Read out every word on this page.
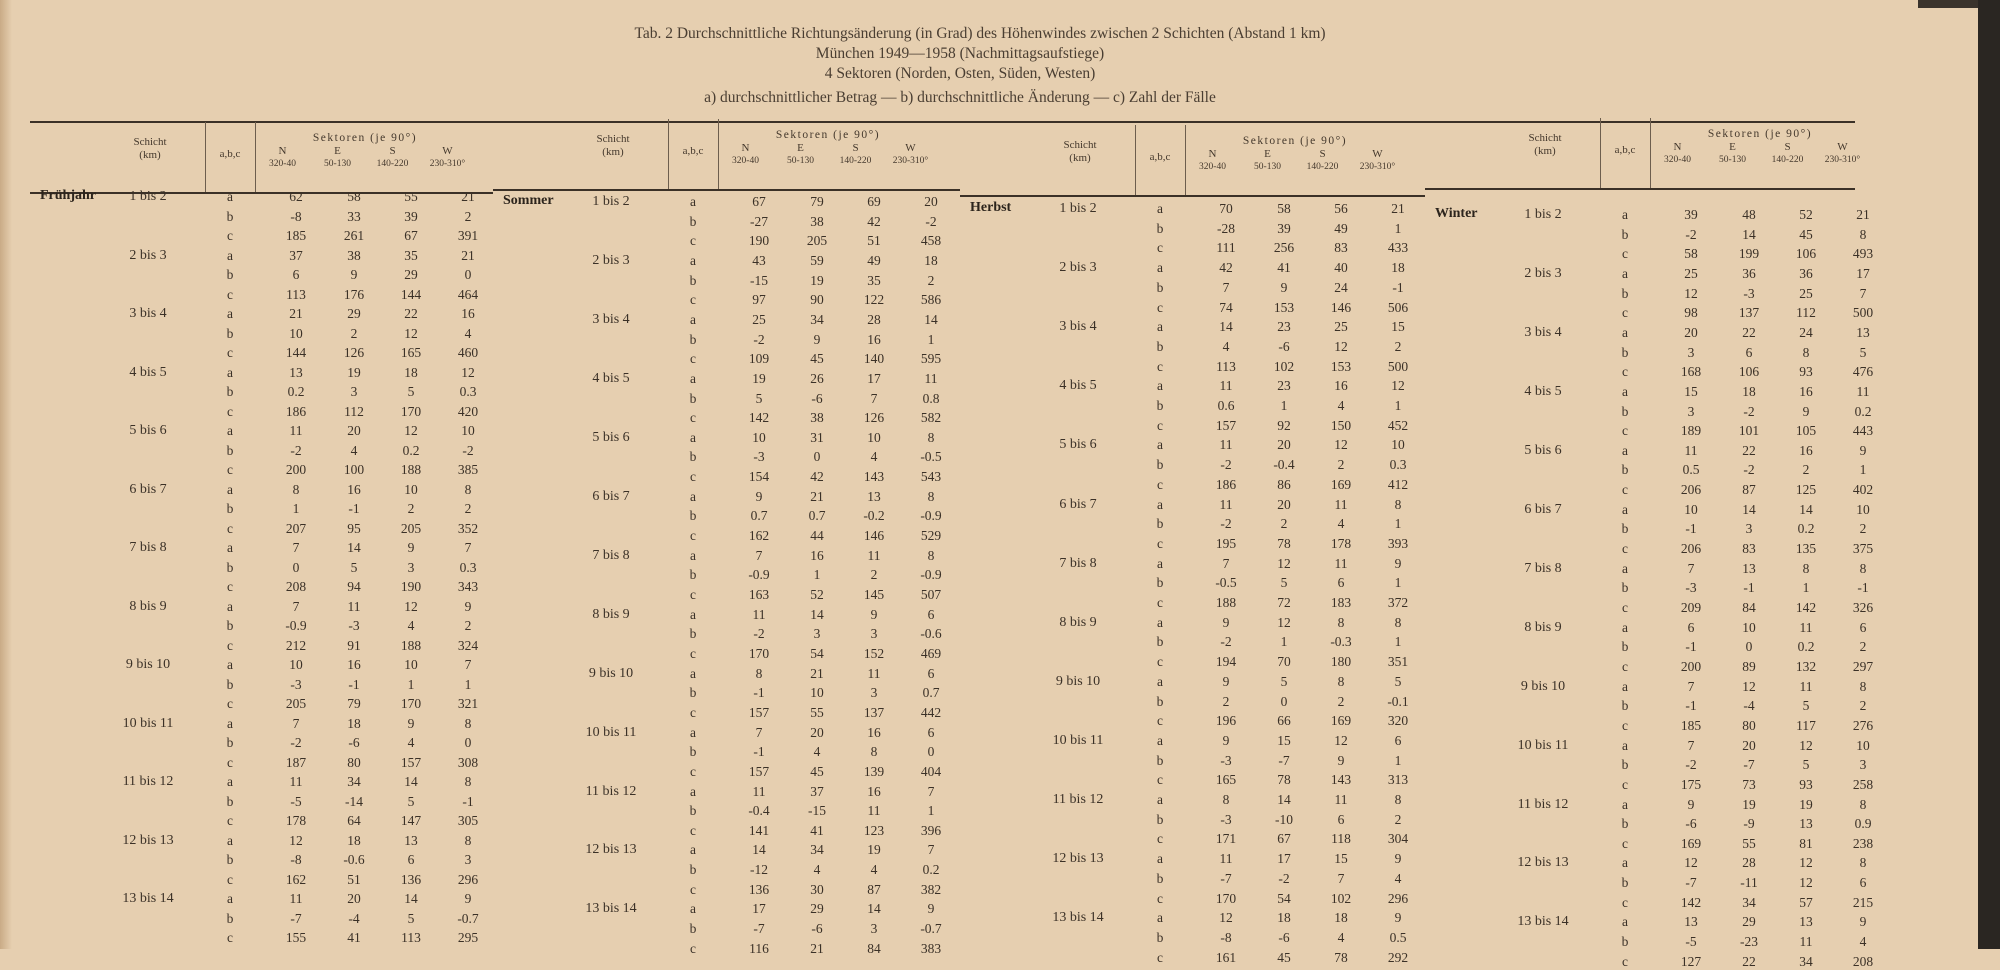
Tab. 2 Durchschnittliche Richtungsänderung (in Grad) des Höhenwindes zwischen 2 Schichten (Abstand 1 km)
München 1949—1958 (Nachmittagsaufstiege)
4 Sektoren (Norden, Osten, Süden, Westen)
a) durchschnittlicher Betrag — b) durchschnittliche Änderung — c) Zahl der Fälle
Schicht
(km)	a,b,c
Sektoren (je 90°)
N	E	S	W
320-40	50-130	140-220	230-310°
Frühjahr	1 bis 2	a	62	58	55	21
b	-8	33	39	2
c	185	261	67	391
2 bis 3	a	37	38	35	21
b	6	9	29	0
c	113	176	144	464
3 bis 4	a	21	29	22	16
b	10	2	12	4
c	144	126	165	460
4 bis 5	a	13	19	18	12
b	0.2	3	5	0.3
c	186	112	170	420
5 bis 6	a	11	20	12	10
b	-2	4	0.2	-2
c	200	100	188	385
6 bis 7	a	8	16	10	8
b	1	-1	2	2
c	207	95	205	352
7 bis 8	a	7	14	9	7
b	0	5	3	0.3
c	208	94	190	343
8 bis 9	a	7	11	12	9
b	-0.9	-3	4	2
c	212	91	188	324
9 bis 10	a	10	16	10	7
b	-3	-1	1	1
c	205	79	170	321
10 bis 11	a	7	18	9	8
b	-2	-6	4	0
c	187	80	157	308
11 bis 12	a	11	34	14	8
b	-5	-14	5	-1
c	178	64	147	305
12 bis 13	a	12	18	13	8
b	-8	-0.6	6	3
c	162	51	136	296
13 bis 14	a	11	20	14	9
b	-7	-4	5	-0.7
c	155	41	113	295
Schicht
(km)	a,b,c
Sektoren (je 90°)
N	E	S	W
320-40	50-130	140-220	230-310°
Sommer	1 bis 2	a	67	79	69	20
b	-27	38	42	-2
c	190	205	51	458
2 bis 3	a	43	59	49	18
b	-15	19	35	2
c	97	90	122	586
3 bis 4	a	25	34	28	14
b	-2	9	16	1
c	109	45	140	595
4 bis 5	a	19	26	17	11
b	5	-6	7	0.8
c	142	38	126	582
5 bis 6	a	10	31	10	8
b	-3	0	4	-0.5
c	154	42	143	543
6 bis 7	a	9	21	13	8
b	0.7	0.7	-0.2	-0.9
c	162	44	146	529
7 bis 8	a	7	16	11	8
b	-0.9	1	2	-0.9
c	163	52	145	507
8 bis 9	a	11	14	9	6
b	-2	3	3	-0.6
c	170	54	152	469
9 bis 10	a	8	21	11	6
b	-1	10	3	0.7
c	157	55	137	442
10 bis 11	a	7	20	16	6
b	-1	4	8	0
c	157	45	139	404
11 bis 12	a	11	37	16	7
b	-0.4	-15	11	1
c	141	41	123	396
12 bis 13	a	14	34	19	7
b	-12	4	4	0.2
c	136	30	87	382
13 bis 14	a	17	29	14	9
b	-7	-6	3	-0.7
c	116	21	84	383
Schicht
(km)	a,b,c
Sektoren (je 90°)
N	E	S	W
320-40	50-130	140-220	230-310°
Herbst	1 bis 2	a	70	58	56	21
b	-28	39	49	1
c	111	256	83	433
2 bis 3	a	42	41	40	18
b	7	9	24	-1
c	74	153	146	506
3 bis 4	a	14	23	25	15
b	4	-6	12	2
c	113	102	153	500
4 bis 5	a	11	23	16	12
b	0.6	1	4	1
c	157	92	150	452
5 bis 6	a	11	20	12	10
b	-2	-0.4	2	0.3
c	186	86	169	412
6 bis 7	a	11	20	11	8
b	-2	2	4	1
c	195	78	178	393
7 bis 8	a	7	12	11	9
b	-0.5	5	6	1
c	188	72	183	372
8 bis 9	a	9	12	8	8
b	-2	1	-0.3	1
c	194	70	180	351
9 bis 10	a	9	5	8	5
b	2	0	2	-0.1
c	196	66	169	320
10 bis 11	a	9	15	12	6
b	-3	-7	9	1
c	165	78	143	313
11 bis 12	a	8	14	11	8
b	-3	-10	6	2
c	171	67	118	304
12 bis 13	a	11	17	15	9
b	-7	-2	7	4
c	170	54	102	296
13 bis 14	a	12	18	18	9
b	-8	-6	4	0.5
c	161	45	78	292
Schicht
(km)	a,b,c
Sektoren (je 90°)
N	E	S	W
320-40	50-130	140-220	230-310°
Winter	1 bis 2	a	39	48	52	21
b	-2	14	45	8
c	58	199	106	493
2 bis 3	a	25	36	36	17
b	12	-3	25	7
c	98	137	112	500
3 bis 4	a	20	22	24	13
b	3	6	8	5
c	168	106	93	476
4 bis 5	a	15	18	16	11
b	3	-2	9	0.2
c	189	101	105	443
5 bis 6	a	11	22	16	9
b	0.5	-2	2	1
c	206	87	125	402
6 bis 7	a	10	14	14	10
b	-1	3	0.2	2
c	206	83	135	375
7 bis 8	a	7	13	8	8
b	-3	-1	1	-1
c	209	84	142	326
8 bis 9	a	6	10	11	6
b	-1	0	0.2	2
c	200	89	132	297
9 bis 10	a	7	12	11	8
b	-1	-4	5	2
c	185	80	117	276
10 bis 11	a	7	20	12	10
b	-2	-7	5	3
c	175	73	93	258
11 bis 12	a	9	19	19	8
b	-6	-9	13	0.9
c	169	55	81	238
12 bis 13	a	12	28	12	8
b	-7	-11	12	6
c	142	34	57	215
13 bis 14	a	13	29	13	9
b	-5	-23	11	4
c	127	22	34	208
